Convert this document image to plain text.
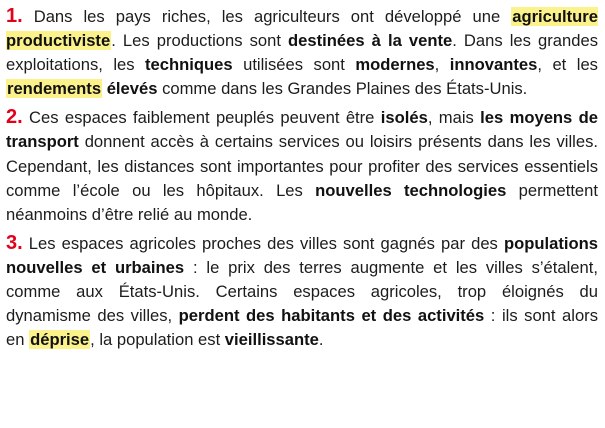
1. Dans les pays riches, les agriculteurs ont développé une agriculture productiviste. Les productions sont destinées à la vente. Dans les grandes exploitations, les techniques utilisées sont modernes, innovantes, et les rendements élevés comme dans les Grandes Plaines des États-Unis.

2. Ces espaces faiblement peuplés peuvent être isolés, mais les moyens de transport donnent accès à certains services ou loisirs présents dans les villes. Cependant, les distances sont importantes pour profiter des services essentiels comme l’école ou les hôpitaux. Les nouvelles technologies permettent néanmoins d’être relié au monde.

3. Les espaces agricoles proches des villes sont gagnés par des populations nouvelles et urbaines : le prix des terres augmente et les villes s’étalent, comme aux États-Unis. Certains espaces agricoles, trop éloignés du dynamisme des villes, perdent des habitants et des activités : ils sont alors en déprise, la population est vieillissante.
